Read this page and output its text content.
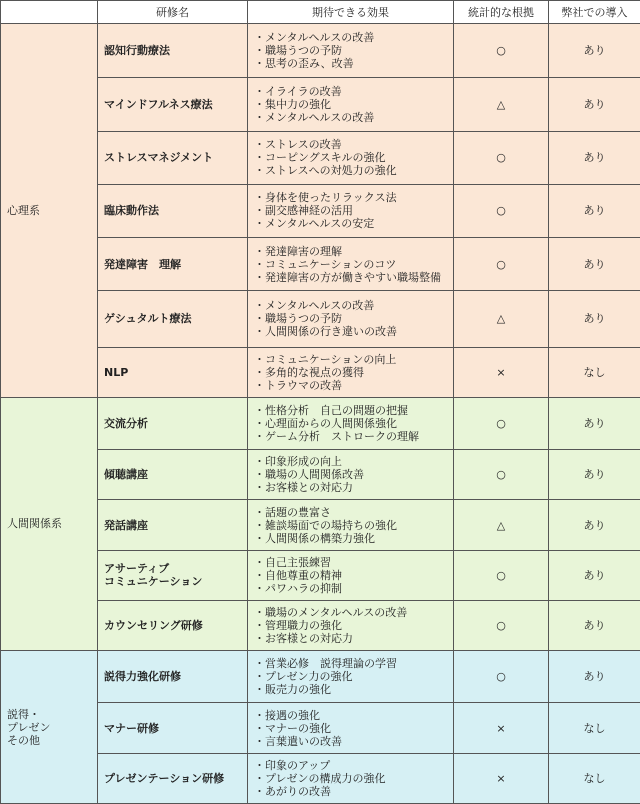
	研修名	期待できる効果	統計的な根拠	弊社での導入

心理系	認知行動療法	・メンタルヘルスの改善
・職場うつの予防
・思考の歪み、改善	○	あり

	マインドフルネス療法	・イライラの改善
・集中力の強化
・メンタルヘルスの改善	△	あり

	ストレスマネジメント	・ストレスの改善
・コーピングスキルの強化
・ストレスへの対処力の強化	○	あり

	臨床動作法	・身体を使ったリラックス法
・副交感神経の活用
・メンタルヘルスの安定	○	あり

	発達障害　理解	・発達障害の理解
・コミュニケーションのコツ
・発達障害の方が働きやすい職場整備	○	あり

	ゲシュタルト療法	・メンタルヘルスの改善
・職場うつの予防
・人間関係の行き違いの改善	△	あり

	NLP	・コミュニケーションの向上
・多角的な視点の獲得
・トラウマの改善	×	なし

人間関係系	交流分析	・性格分析　自己の問題の把握
・心理面からの人間関係強化
・ゲーム分析　ストロークの理解	○	あり

	傾聴講座	・印象形成の向上
・職場の人間関係改善
・お客様との対応力	○	あり

	発話講座	・話題の豊富さ
・雑談場面での場持ちの強化
・人間関係の構築力強化	△	あり

	アサーティブ
コミュニケーション	・自己主張練習
・自他尊重の精神
・パワハラの抑制	○	あり

	カウンセリング研修	・職場のメンタルヘルスの改善
・管理職力の強化
・お客様との対応力	○	あり

説得・
プレゼン
その他	説得力強化研修	・営業必修　説得理論の学習
・プレゼン力の強化
・販売力の強化	○	あり

	マナー研修	・接遇の強化
・マナーの強化
・言葉遣いの改善	×	なし

	プレゼンテーション研修	・印象のアップ
・プレゼンの構成力の強化
・あがりの改善	×	なし
